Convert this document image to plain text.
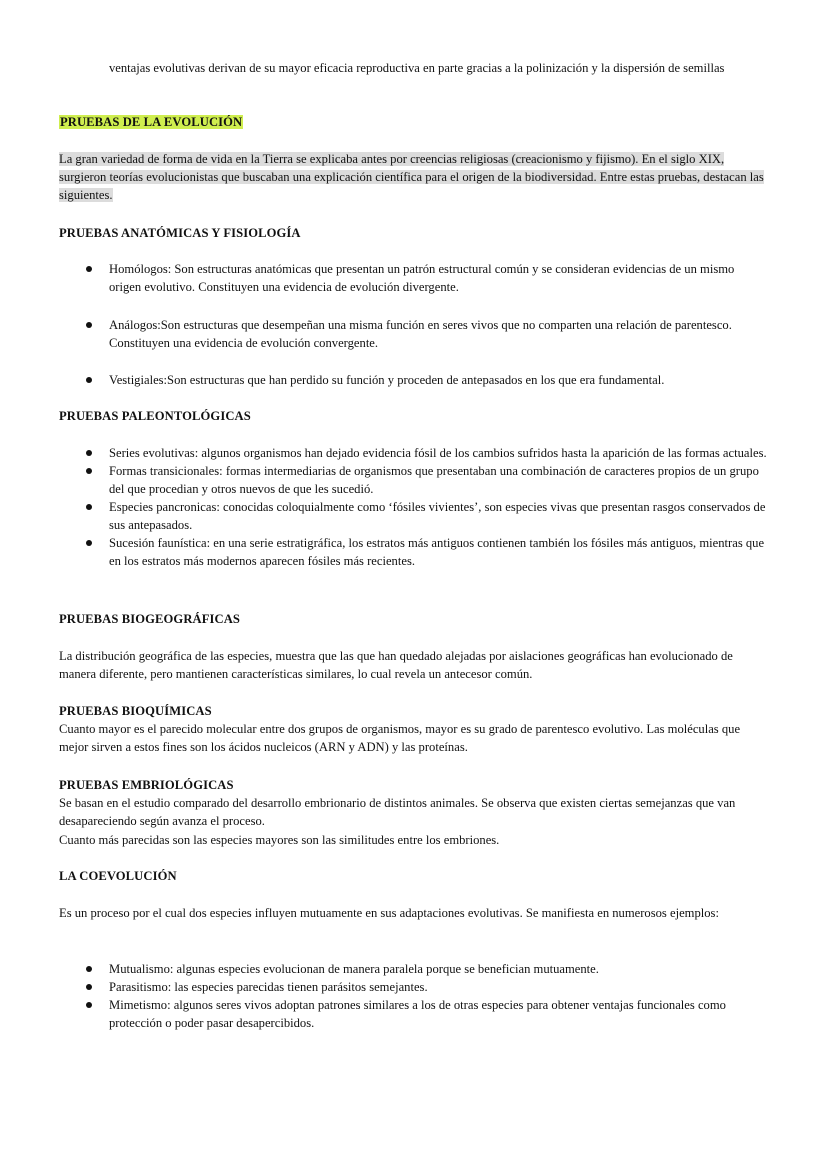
ventajas evolutivas derivan de su mayor eficacia reproductiva en parte gracias a la polinización y la dispersión de semillas

PRUEBAS DE LA EVOLUCIÓN

La gran variedad de forma de vida en la Tierra se explicaba antes por creencias religiosas (creacionismo y fijismo). En el siglo XIX, surgieron teorías evolucionistas que buscaban una explicación científica para el origen de la biodiversidad. Entre estas pruebas, destacan las siguientes.

PRUEBAS ANATÓMICAS Y FISIOLOGÍA
Homólogos: Son estructuras anatómicas que presentan un patrón estructural común y se consideran evidencias de un mismo origen evolutivo. Constituyen una evidencia de evolución divergente.
Análogos:Son estructuras que desempeñan una misma función en seres vivos que no comparten una relación de parentesco. Constituyen una evidencia de evolución convergente.
Vestigiales:Son estructuras que han perdido su función y proceden de antepasados en los que era fundamental.
PRUEBAS PALEONTOLÓGICAS
Series evolutivas: algunos organismos han dejado evidencia fósil de los cambios sufridos hasta la aparición de las formas actuales.
Formas transicionales: formas intermediarias de organismos que presentaban una combinación de caracteres propios de un grupo del que procedian y otros nuevos de que les sucedió.
Especies pancronicas: conocidas coloquialmente como ‘fósiles vivientes’, son especies vivas que presentan rasgos conservados de sus antepasados.
Sucesión faunística: en una serie estratigráfica, los estratos más antiguos contienen también los fósiles más antiguos, mientras que en los estratos más modernos aparecen fósiles más recientes.
PRUEBAS BIOGEOGRÁFICAS

La distribución geográfica de las especies, muestra que las que han quedado alejadas por aislaciones geográficas han evolucionado de manera diferente, pero mantienen características similares, lo cual revela un antecesor común.

PRUEBAS BIOQUÍMICAS

Cuanto mayor es el parecido molecular entre dos grupos de organismos, mayor es su grado de parentesco evolutivo. Las moléculas que mejor sirven a estos fines son los ácidos nucleicos (ARN y ADN) y las proteínas.

PRUEBAS EMBRIOLÓGICAS

Se basan en el estudio comparado del desarrollo embrionario de distintos animales. Se observa que existen ciertas semejanzas que van desapareciendo según avanza el proceso.

Cuanto más parecidas son las especies mayores son las similitudes entre los embriones.

LA COEVOLUCIÓN

Es un proceso por el cual dos especies influyen mutuamente en sus adaptaciones evolutivas. Se manifiesta en numerosos ejemplos:

Mutualismo: algunas especies evolucionan de manera paralela porque se benefician mutuamente.
Parasitismo: las especies parecidas tienen parásitos semejantes.
Mimetismo: algunos seres vivos adoptan patrones similares a los de otras especies para obtener ventajas funcionales como protección o poder pasar desapercibidos.
